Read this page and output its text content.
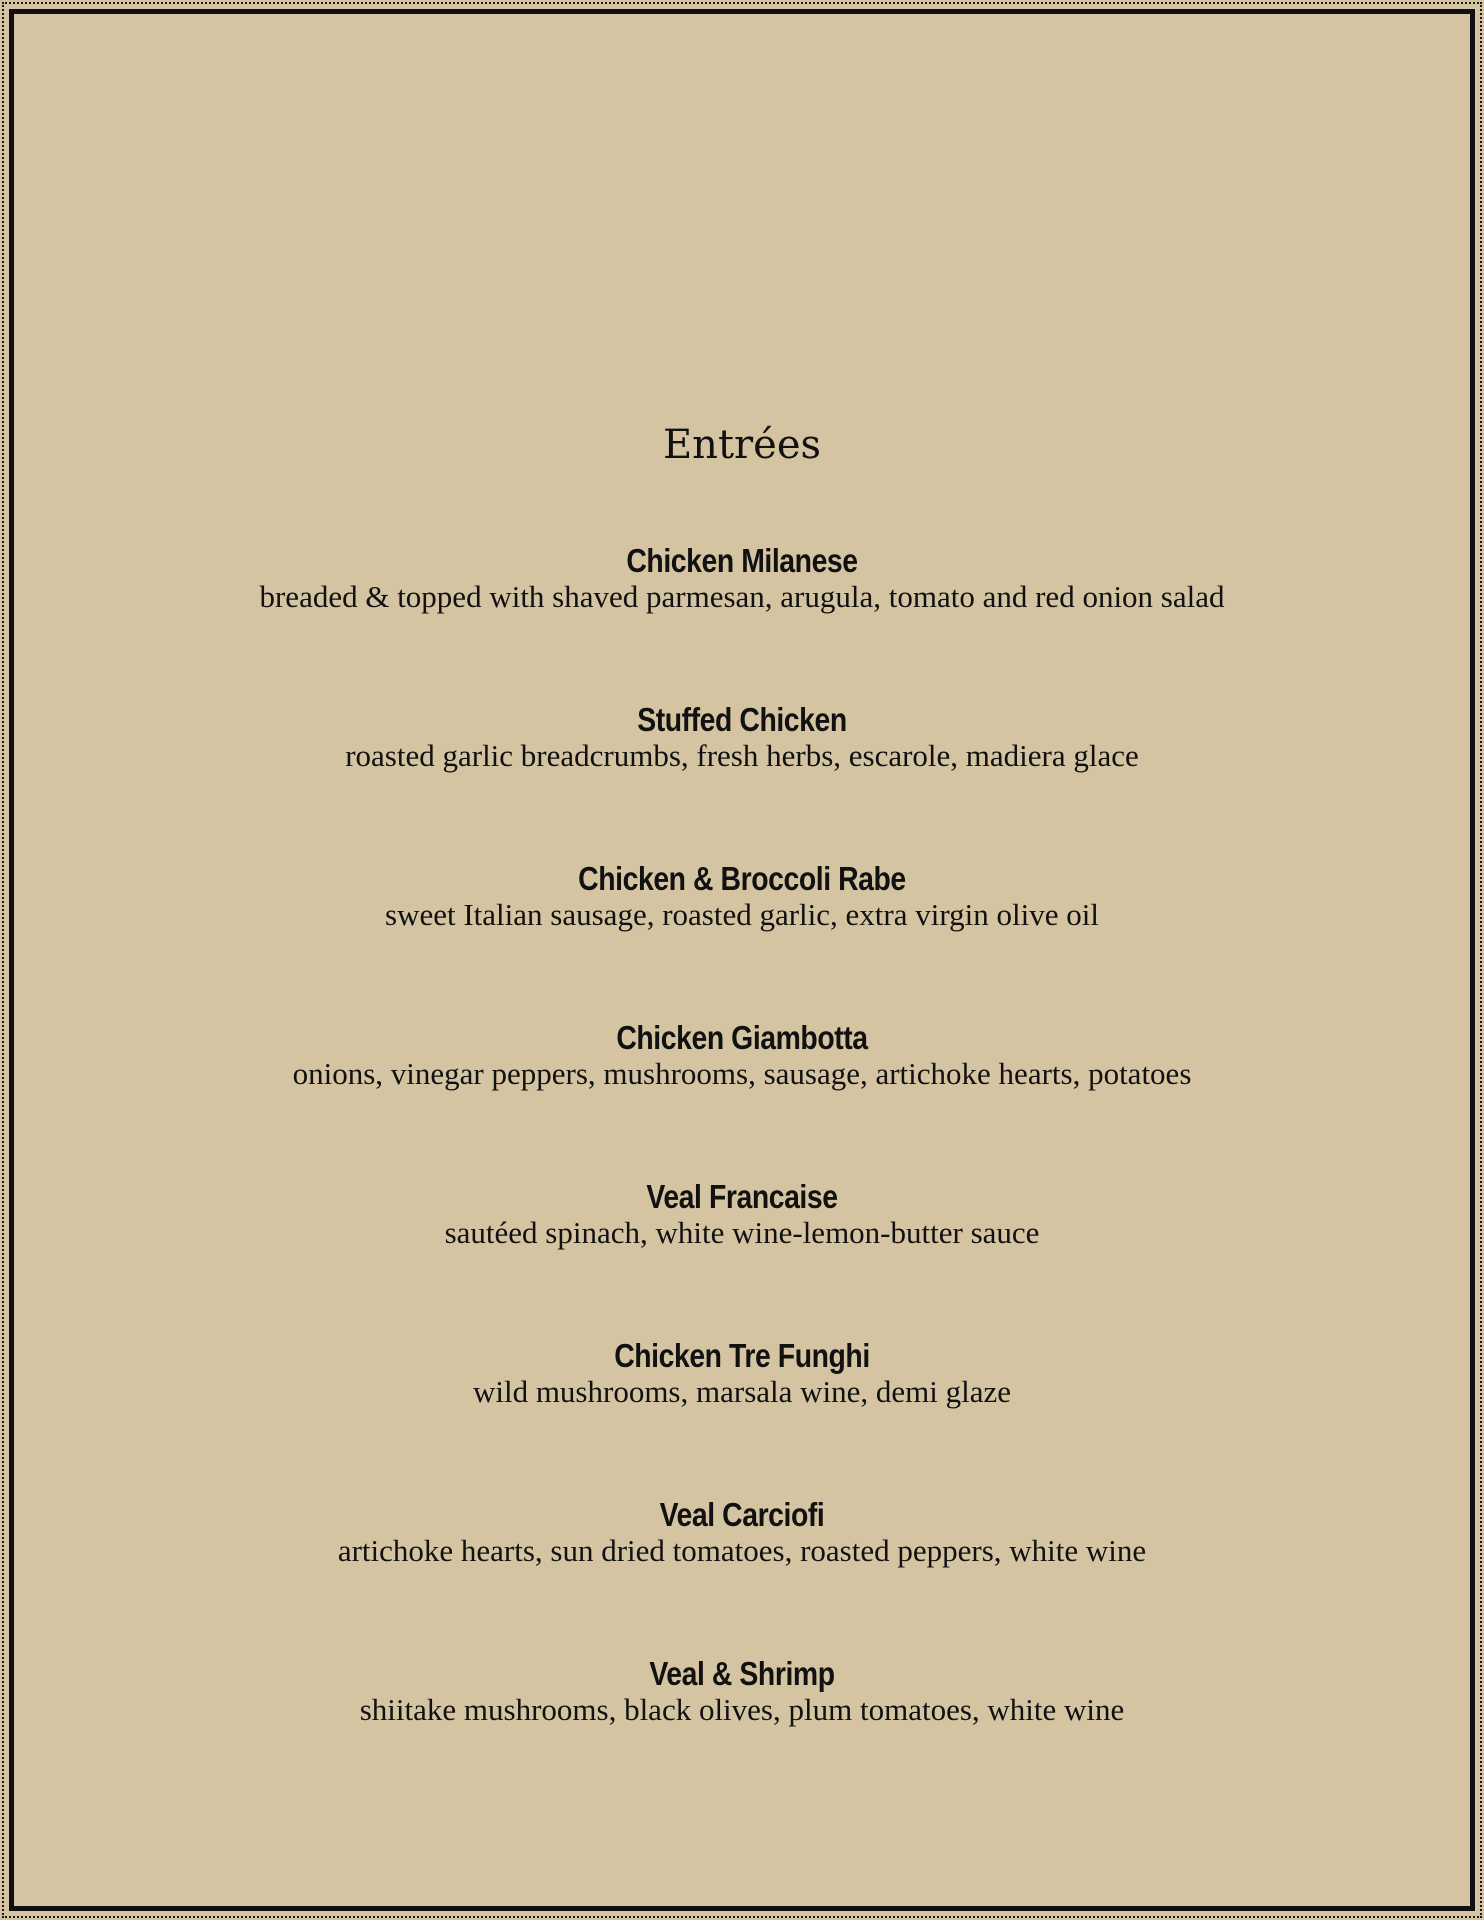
Entrées
Chicken Milanese
breaded & topped with shaved parmesan, arugula, tomato and red onion salad
Stuffed Chicken
roasted garlic breadcrumbs, fresh herbs, escarole, madiera glace
Chicken & Broccoli Rabe
sweet Italian sausage, roasted garlic, extra virgin olive oil
Chicken Giambotta
onions, vinegar peppers, mushrooms, sausage, artichoke hearts, potatoes
Veal Francaise
sautéed spinach, white wine-lemon-butter sauce
Chicken Tre Funghi
wild mushrooms, marsala wine, demi glaze
Veal Carciofi
artichoke hearts, sun dried tomatoes, roasted peppers, white wine
Veal & Shrimp
shiitake mushrooms, black olives, plum tomatoes, white wine
